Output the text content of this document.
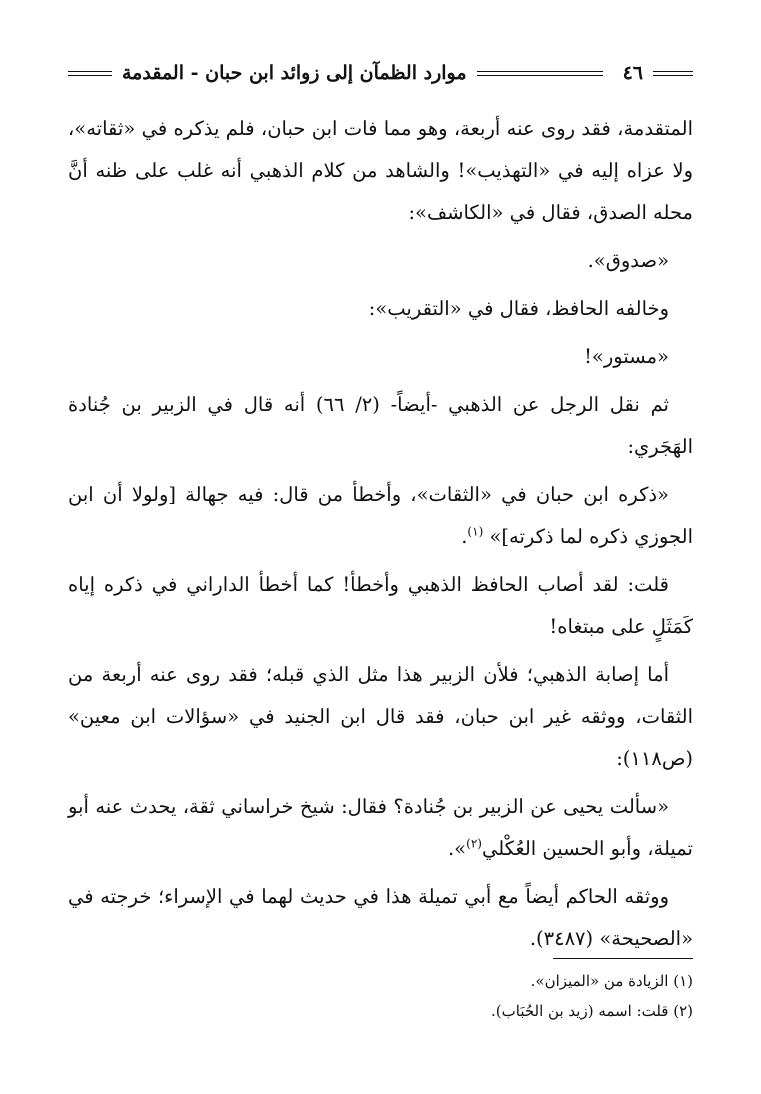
٤٦
موارد الظمآن إلى زوائد ابن حبان - المقدمة

المتقدمة، فقد روى عنه أربعة، وهو مما فات ابن حبان، فلم يذكره في «ثقاته»، ولا عزاه إليه في «التهذيب»! والشاهد من كلام الذهبي أنه غلب على ظنه أنَّ محله الصدق، فقال في «الكاشف»:

«صدوق».

وخالفه الحافظ، فقال في «التقريب»:

«مستور»!

ثم نقل الرجل عن الذهبي -أيضاً- (٢/ ٦٦) أنه قال في الزبير بن جُنادة الهَجَري:

«ذكره ابن حبان في «الثقات»، وأخطأ من قال: فيه جهالة [ولولا أن ابن الجوزي ذكره لما ذكرته]» $^{(١)}$.

قلت: لقد أصاب الحافظ الذهبي وأخطأ! كما أخطأ الداراني في ذكره إياه كَمَثَلٍ على مبتغاه!

أما إصابة الذهبي؛ فلأن الزبير هذا مثل الذي قبله؛ فقد روى عنه أربعة من الثقات، ووثقه غير ابن حبان، فقد قال ابن الجنيد في «سؤالات ابن معين» (ص١١٨):

«سألت يحيى عن الزبير بن جُنادة؟ فقال: شيخ خراساني ثقة، يحدث عنه أبو تميلة، وأبو الحسين العُكْلي$^{(٢)}$».

ووثقه الحاكم أيضاً مع أبي تميلة هذا في حديث لهما في الإسراء؛ خرجته في «الصحيحة» (٣٤٨٧).

(١) الزيادة من «الميزان».
(٢) قلت: اسمه (زيد بن الحُبَاب).
